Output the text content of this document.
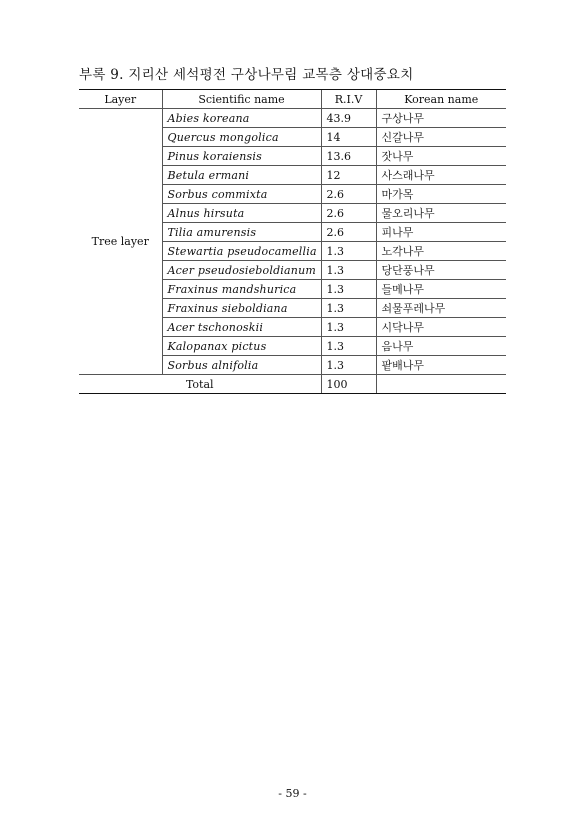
부록 9. 지리산 세석평전 구상나무림 교목층 상대중요치
Layer	Scientific name	R.I.V	Korean name
Tree layer	Abies koreana	43.9	구상나무
	Quercus mongolica	14	신갈나무
	Pinus koraiensis	13.6	잣나무
	Betula ermani	12	사스래나무
	Sorbus commixta	2.6	마가목
	Alnus hirsuta	2.6	물오리나무
	Tilia amurensis	2.6	피나무
	Stewartia pseudocamellia	1.3	노각나무
	Acer pseudosieboldianum	1.3	당단풍나무
	Fraxinus mandshurica	1.3	들메나무
	Fraxinus sieboldiana	1.3	쇠물푸레나무
	Acer tschonoskii	1.3	시닥나무
	Kalopanax pictus	1.3	음나무
	Sorbus alnifolia	1.3	팥배나무
Total		100	
- 59 -
